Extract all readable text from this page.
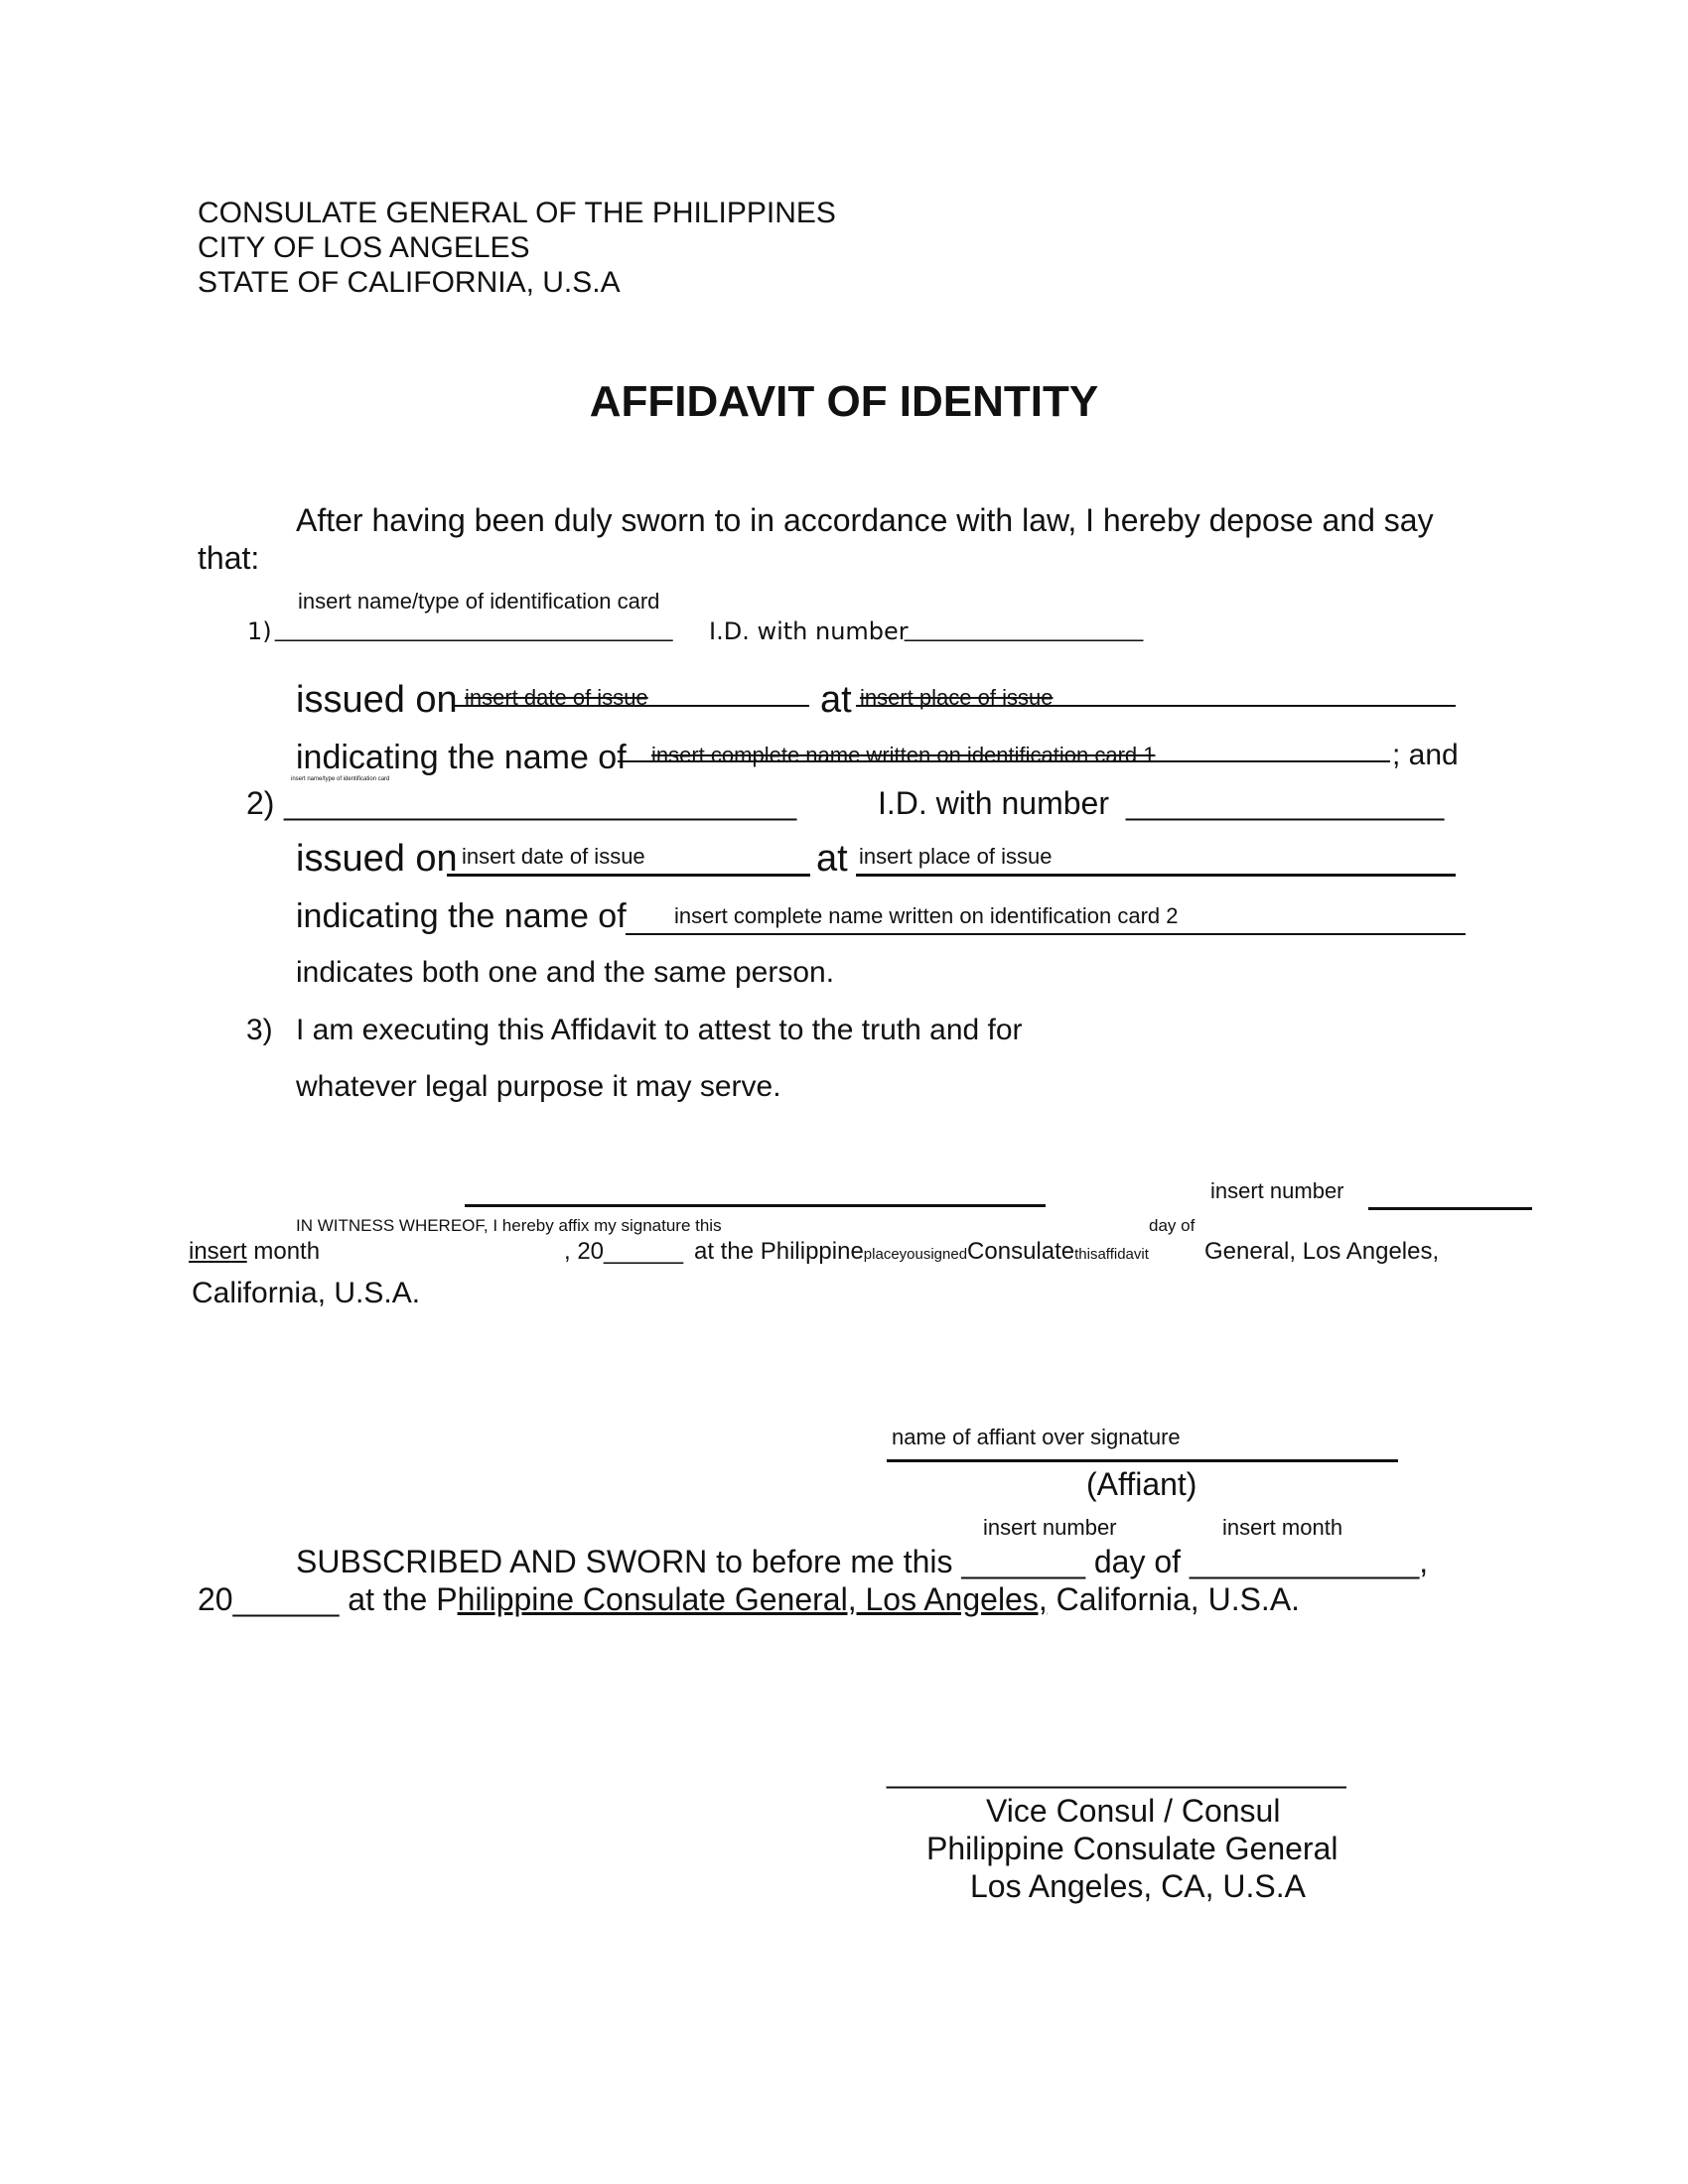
CONSULATE GENERAL OF THE PHILIPPINES
CITY OF LOS ANGELES
STATE OF CALIFORNIA, U.S.A
AFFIDAVIT OF IDENTITY
After having been duly sworn to in accordance with law, I hereby depose and say
that:
insert name/type of identification card
1) ______________________________ I.D. with number
__________________
issued on insert date of issue	at insert place of issue
indicating the name of insert complete name written on identification card 1	; and
insert name/type of identification card
2) _____________________________	I.D. with number __________________
issued on insert date of issue	at insert place of issue
indicating the name of insert complete name written on identification card 2
indicates both one and the same person.
3) I am executing this Affidavit to attest to the truth and for
whatever legal purpose it may serve.
insert number
IN WITNESS WHEREOF, I hereby affix my signature this	day of
insert month	, 20______ at the PhilippineplaceyousignedConsulatethisaffidavit General, Los Angeles,
California, U.S.A.
name of affiant over signature
(Affiant)
insert number	insert month
SUBSCRIBED AND SWORN to before me this _______ day of _____________,
20______ at the Philippine Consulate General, Los Angeles, California, U.S.A.
__________________________
Vice Consul / Consul
Philippine Consulate General
Los Angeles, CA, U.S.A
